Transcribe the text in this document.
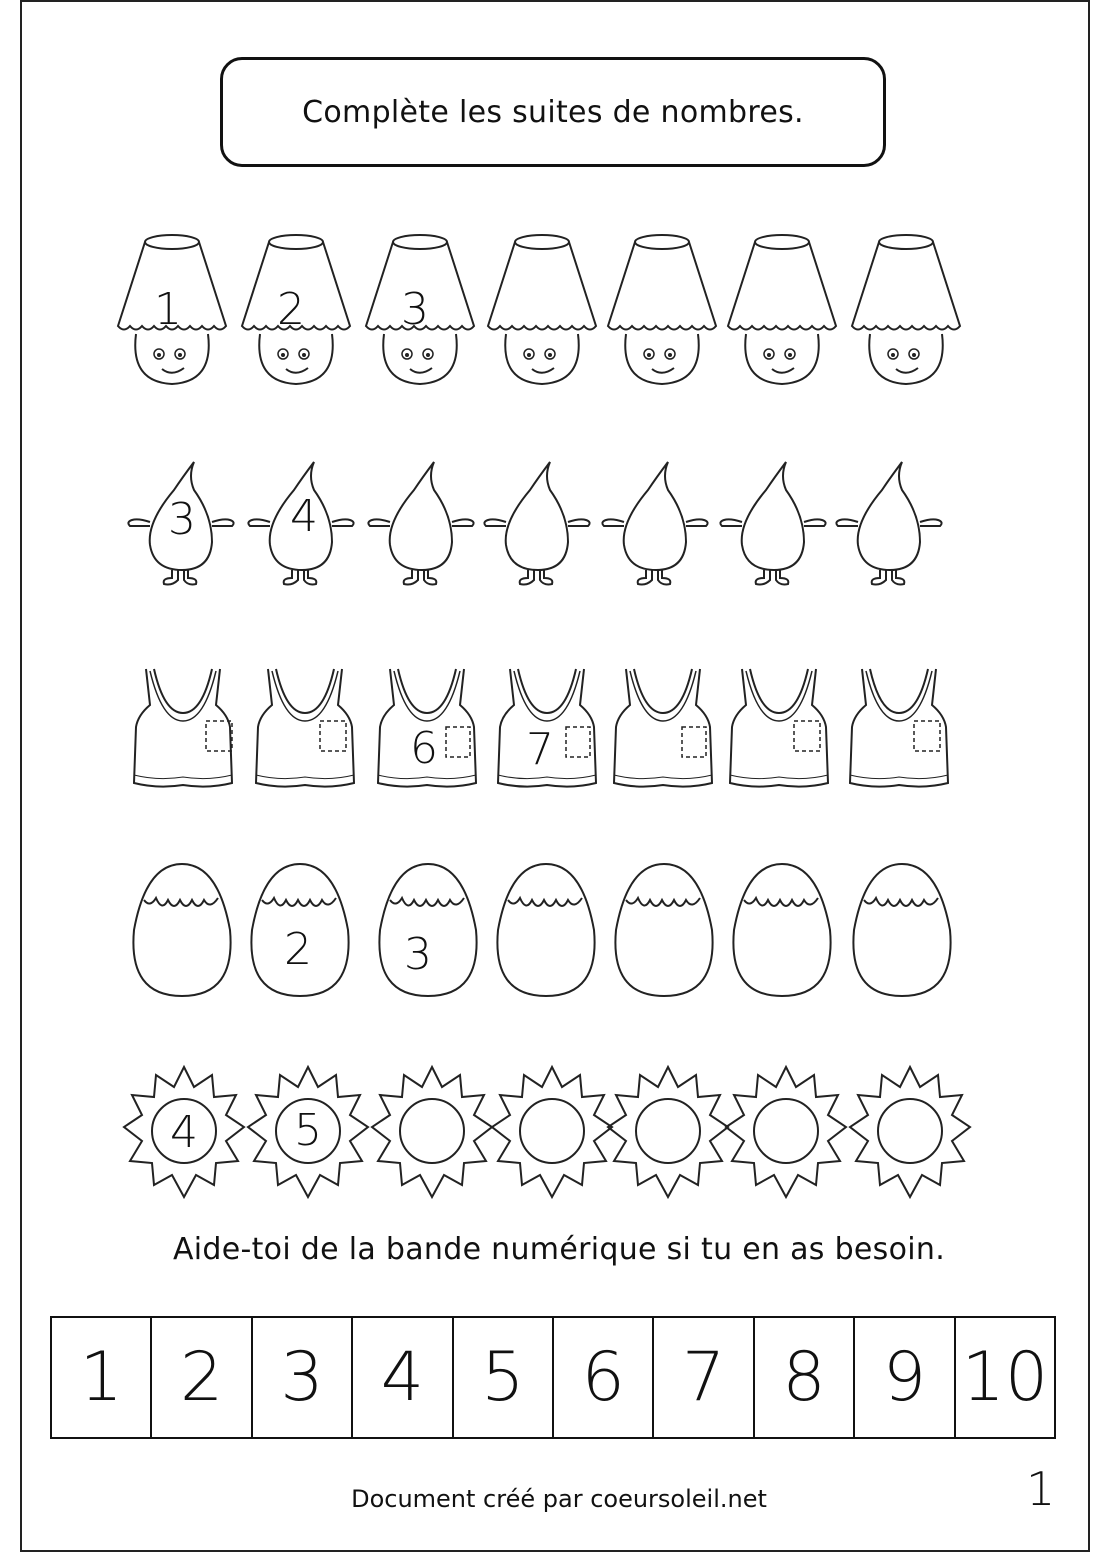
Complète les suites de nombres.
1 2 3
3 4
6 7
2 3
4 5
Aide-toi de la bande numérique si tu en as besoin.
1 2 3 4 5 6 7 8 9 10
Document créé par coeursoleil.net	1
